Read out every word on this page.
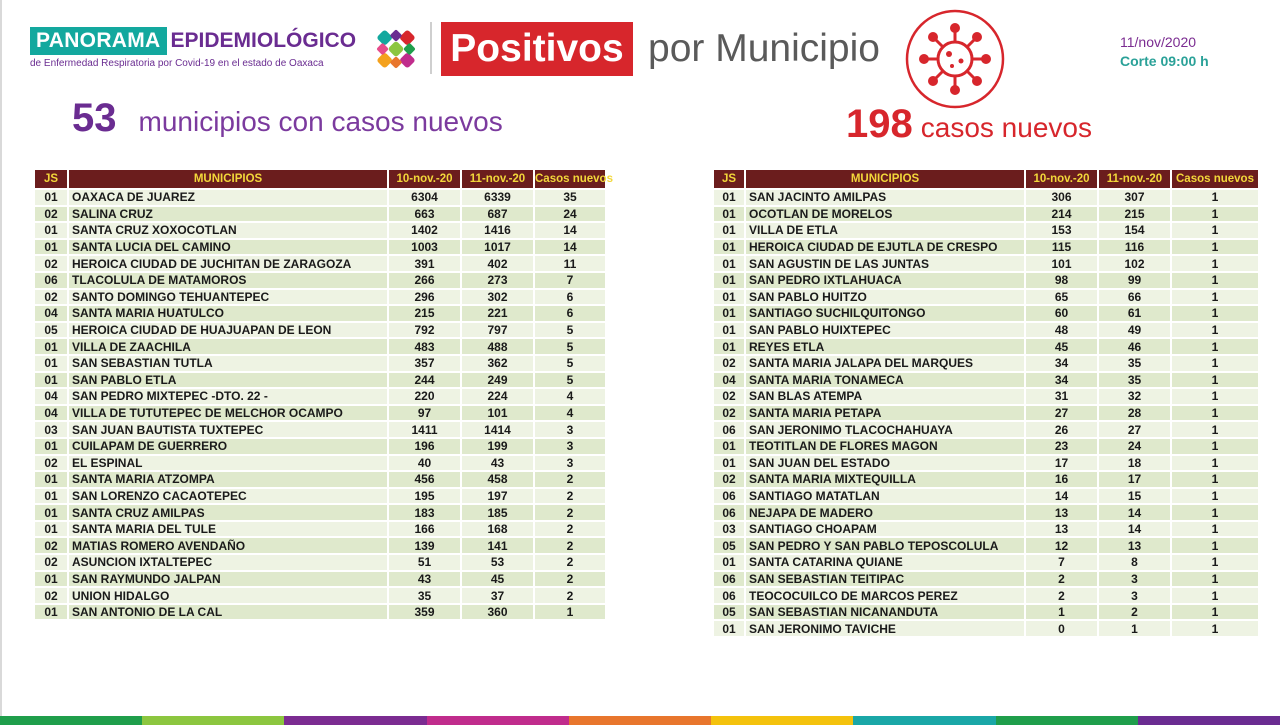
PANORAMA EPIDEMIOLÓGICO
de Enfermedad Respiratoria por Covid-19 en el estado de Oaxaca	Positivos por Municipio	11/nov/2020
Corte 09:00 h
53 municipios con casos nuevos	198 casos nuevos
JS	MUNICIPIOS	10-nov.-20	11-nov.-20	Casos nuevos
01	OAXACA DE JUAREZ	6304	6339	35
02	SALINA CRUZ	663	687	24
01	SANTA CRUZ XOXOCOTLAN	1402	1416	14
01	SANTA LUCIA DEL CAMINO	1003	1017	14
02	HEROICA CIUDAD DE JUCHITAN DE ZARAGOZA	391	402	11
06	TLACOLULA DE MATAMOROS	266	273	7
02	SANTO DOMINGO TEHUANTEPEC	296	302	6
04	SANTA MARIA HUATULCO	215	221	6
05	HEROICA CIUDAD DE HUAJUAPAN DE LEON	792	797	5
01	VILLA DE ZAACHILA	483	488	5
01	SAN SEBASTIAN TUTLA	357	362	5
01	SAN PABLO ETLA	244	249	5
04	SAN PEDRO MIXTEPEC -DTO. 22 -	220	224	4
04	VILLA DE TUTUTEPEC DE MELCHOR OCAMPO	97	101	4
03	SAN JUAN BAUTISTA TUXTEPEC	1411	1414	3
01	CUILAPAM DE GUERRERO	196	199	3
02	EL ESPINAL	40	43	3
01	SANTA MARIA ATZOMPA	456	458	2
01	SAN LORENZO CACAOTEPEC	195	197	2
01	SANTA CRUZ AMILPAS	183	185	2
01	SANTA MARIA DEL TULE	166	168	2
02	MATIAS ROMERO AVENDAÑO	139	141	2
02	ASUNCION IXTALTEPEC	51	53	2
01	SAN RAYMUNDO JALPAN	43	45	2
02	UNION HIDALGO	35	37	2
01	SAN ANTONIO DE LA CAL	359	360	1
JS	MUNICIPIOS	10-nov.-20	11-nov.-20	Casos nuevos
01	SAN JACINTO AMILPAS	306	307	1
01	OCOTLAN DE MORELOS	214	215	1
01	VILLA DE ETLA	153	154	1
01	HEROICA CIUDAD DE EJUTLA DE CRESPO	115	116	1
01	SAN AGUSTIN DE LAS JUNTAS	101	102	1
01	SAN PEDRO IXTLAHUACA	98	99	1
01	SAN PABLO HUITZO	65	66	1
01	SANTIAGO SUCHILQUITONGO	60	61	1
01	SAN PABLO HUIXTEPEC	48	49	1
01	REYES ETLA	45	46	1
02	SANTA MARIA JALAPA DEL MARQUES	34	35	1
04	SANTA MARIA TONAMECA	34	35	1
02	SAN BLAS ATEMPA	31	32	1
02	SANTA MARIA PETAPA	27	28	1
06	SAN JERONIMO TLACOCHAHUAYA	26	27	1
01	TEOTITLAN DE FLORES MAGON	23	24	1
01	SAN JUAN DEL ESTADO	17	18	1
02	SANTA MARIA MIXTEQUILLA	16	17	1
06	SANTIAGO MATATLAN	14	15	1
06	NEJAPA DE MADERO	13	14	1
03	SANTIAGO CHOAPAM	13	14	1
05	SAN PEDRO Y SAN PABLO TEPOSCOLULA	12	13	1
01	SANTA CATARINA QUIANE	7	8	1
06	SAN SEBASTIAN TEITIPAC	2	3	1
06	TEOCOCUILCO DE MARCOS PEREZ	2	3	1
05	SAN SEBASTIAN NICANANDUTA	1	2	1
01	SAN JERONIMO TAVICHE	0	1	1
